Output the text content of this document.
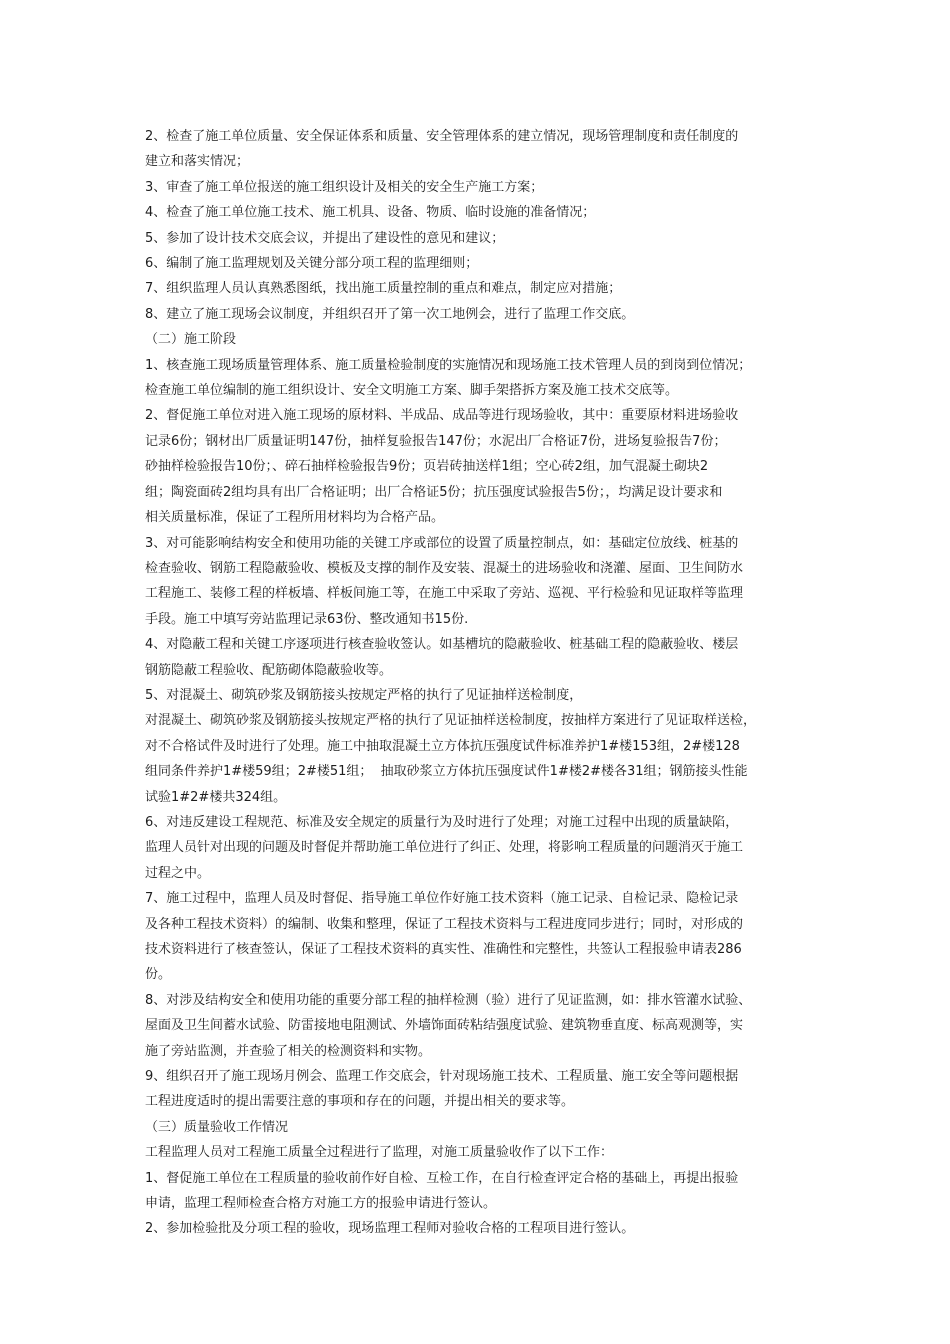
2、检查了施工单位质量、安全保证体系和质量、安全管理体系的建立情况，现场管理制度和责任制度的

建立和落实情况；

3、审查了施工单位报送的施工组织设计及相关的安全生产施工方案；

4、检查了施工单位施工技术、施工机具、设备、物质、临时设施的准备情况；

5、参加了设计技术交底会议，并提出了建设性的意见和建议；

6、编制了施工监理规划及关键分部分项工程的监理细则；

7、组织监理人员认真熟悉图纸，找出施工质量控制的重点和难点，制定应对措施；

8、建立了施工现场会议制度，并组织召开了第一次工地例会，进行了监理工作交底。

（二）施工阶段

1、核查施工现场质量管理体系、施工质量检验制度的实施情况和现场施工技术管理人员的到岗到位情况；

检查施工单位编制的施工组织设计、安全文明施工方案、脚手架搭拆方案及施工技术交底等。

2、督促施工单位对进入施工现场的原材料、半成品、成品等进行现场验收，其中：重要原材料进场验收

记录6份；钢材出厂质量证明147份，抽样复验报告147份；水泥出厂合格证7份，进场复验报告7份；

砂抽样检验报告10份；、碎石抽样检验报告9份；页岩砖抽送样1组；空心砖2组，加气混凝土砌块2

组；陶瓷面砖2组均具有出厂合格证明；出厂合格证5份；抗压强度试验报告5份；，均满足设计要求和

相关质量标准，保证了工程所用材料均为合格产品。

3、对可能影响结构安全和使用功能的关键工序或部位的设置了质量控制点，如：基础定位放线、桩基的

检查验收、钢筋工程隐蔽验收、模板及支撑的制作及安装、混凝土的进场验收和浇灌、屋面、卫生间防水

工程施工、装修工程的样板墙、样板间施工等，在施工中采取了旁站、巡视、平行检验和见证取样等监理

手段。施工中填写旁站监理记录63份、整改通知书15份.

4、对隐蔽工程和关键工序逐项进行核查验收签认。如基槽坑的隐蔽验收、桩基础工程的隐蔽验收、楼层

钢筋隐蔽工程验收、配筋砌体隐蔽验收等。

5、对混凝土、砌筑砂浆及钢筋接头按规定严格的执行了见证抽样送检制度，

对混凝土、砌筑砂浆及钢筋接头按规定严格的执行了见证抽样送检制度，按抽样方案进行了见证取样送检，

对不合格试件及时进行了处理。施工中抽取混凝土立方体抗压强度试件标准养护1#楼153组，2#楼128

组同条件养护1#楼59组；2#楼51组；  抽取砂浆立方体抗压强度试件1#楼2#楼各31组；钢筋接头性能

试验1#2#楼共324组。

6、对违反建设工程规范、标准及安全规定的质量行为及时进行了处理；对施工过程中出现的质量缺陷，

监理人员针对出现的问题及时督促并帮助施工单位进行了纠正、处理，将影响工程质量的问题消灭于施工

过程之中。

7、施工过程中，监理人员及时督促、指导施工单位作好施工技术资料（施工记录、自检记录、隐检记录

及各种工程技术资料）的编制、收集和整理，保证了工程技术资料与工程进度同步进行；同时，对形成的

技术资料进行了核查签认，保证了工程技术资料的真实性、准确性和完整性，共签认工程报验申请表286

份。

8、对涉及结构安全和使用功能的重要分部工程的抽样检测（验）进行了见证监测，如：排水管灌水试验、

屋面及卫生间蓄水试验、防雷接地电阻测试、外墙饰面砖粘结强度试验、建筑物垂直度、标高观测等，实

施了旁站监测，并查验了相关的检测资料和实物。

9、组织召开了施工现场月例会、监理工作交底会，针对现场施工技术、工程质量、施工安全等问题根据

工程进度适时的提出需要注意的事项和存在的问题，并提出相关的要求等。

（三）质量验收工作情况

工程监理人员对工程施工质量全过程进行了监理，对施工质量验收作了以下工作：

1、督促施工单位在工程质量的验收前作好自检、互检工作，在自行检查评定合格的基础上，再提出报验

申请，监理工程师检查合格方对施工方的报验申请进行签认。

2、参加检验批及分项工程的验收，现场监理工程师对验收合格的工程项目进行签认。
